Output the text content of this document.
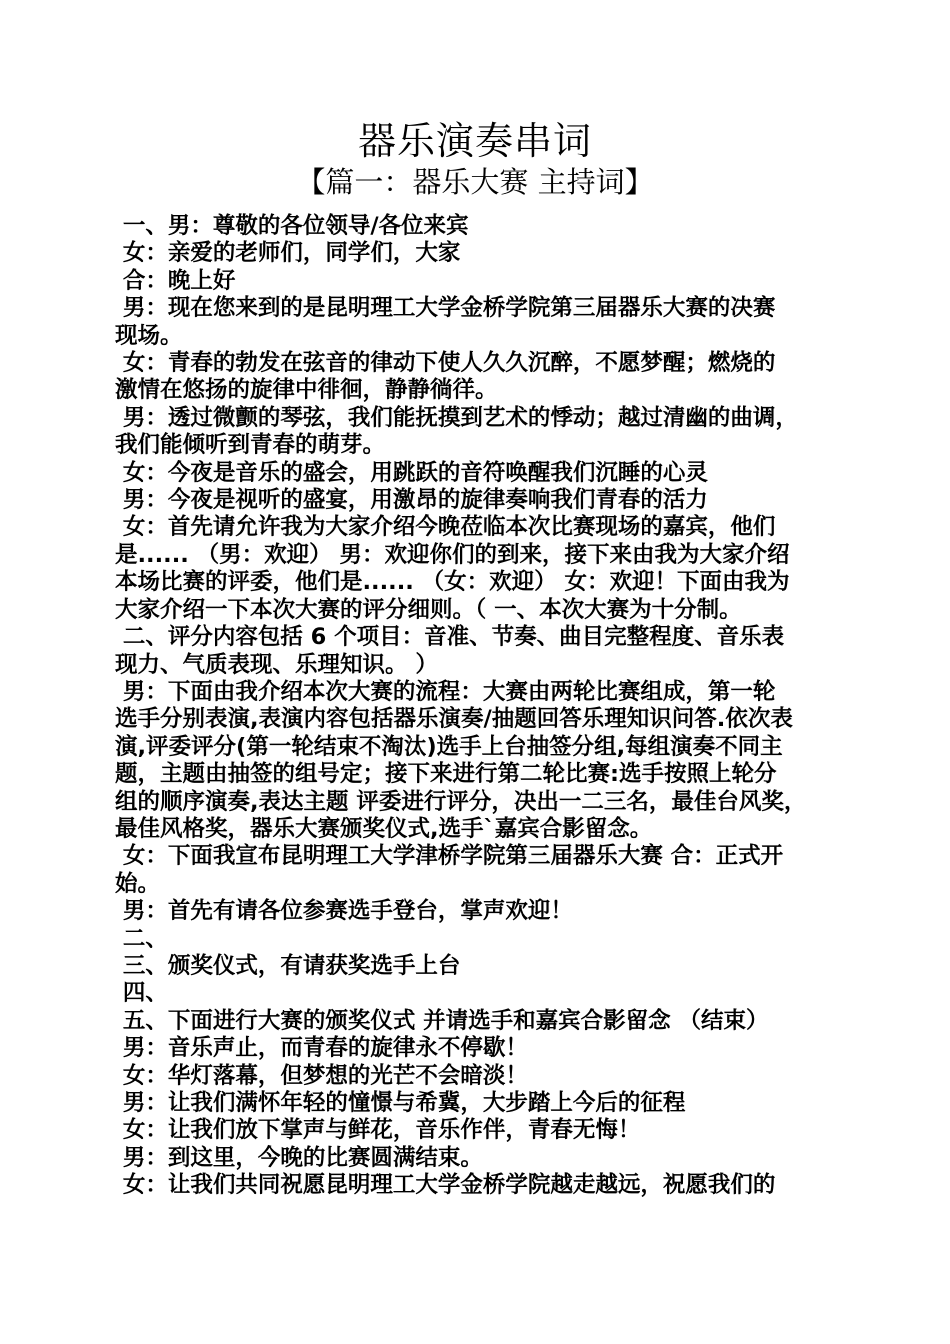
器乐演奏串词
【篇一：器乐大赛 主持词】

一、男：尊敬的各位领导/各位来宾

女：亲爱的老师们，同学们，大家

合：晚上好

男：现在您来到的是昆明理工大学金桥学院第三届器乐大赛的决赛

现场。

女：青春的勃发在弦音的律动下使人久久沉醉，不愿梦醒；燃烧的

激情在悠扬的旋律中徘徊，静静徜徉。

男：透过微颤的琴弦，我们能抚摸到艺术的悸动；越过清幽的曲调，

我们能倾听到青春的萌芽。

女：今夜是音乐的盛会，用跳跃的音符唤醒我们沉睡的心灵

男：今夜是视听的盛宴，用激昂的旋律奏响我们青春的活力

女：首先请允许我为大家介绍今晚莅临本次比赛现场的嘉宾，他们

是...... （男：欢迎） 男：欢迎你们的到来，接下来由我为大家介绍

本场比赛的评委，他们是...... （女：欢迎） 女：欢迎！下面由我为

大家介绍一下本次大赛的评分细则。（ 一、本次大赛为十分制。

二、评分内容包括 6 个项目：音准、节奏、曲目完整程度、音乐表

现力、气质表现、乐理知识。 ）

男：下面由我介绍本次大赛的流程：大赛由两轮比赛组成，第一轮

选手分别表演,表演内容包括器乐演奏/抽题回答乐理知识问答.依次表

演,评委评分(第一轮结束不淘汰)选手上台抽签分组,每组演奏不同主

题，主题由抽签的组号定；接下来进行第二轮比赛:选手按照上轮分

组的顺序演奏,表达主题 评委进行评分，决出一二三名，最佳台风奖，

最佳风格奖，器乐大赛颁奖仪式,选手`嘉宾合影留念。

女：下面我宣布昆明理工大学津桥学院第三届器乐大赛 合：正式开

始。

男：首先有请各位参赛选手登台，掌声欢迎！

二、

三、颁奖仪式，有请获奖选手上台

四、

五、下面进行大赛的颁奖仪式 并请选手和嘉宾合影留念 （结束）

男：音乐声止，而青春的旋律永不停歇！

女：华灯落幕，但梦想的光芒不会暗淡！

男：让我们满怀年轻的憧憬与希冀，大步踏上今后的征程

女：让我们放下掌声与鲜花，音乐作伴，青春无悔！

男：到这里，今晚的比赛圆满结束。

女：让我们共同祝愿昆明理工大学金桥学院越走越远，祝愿我们的
